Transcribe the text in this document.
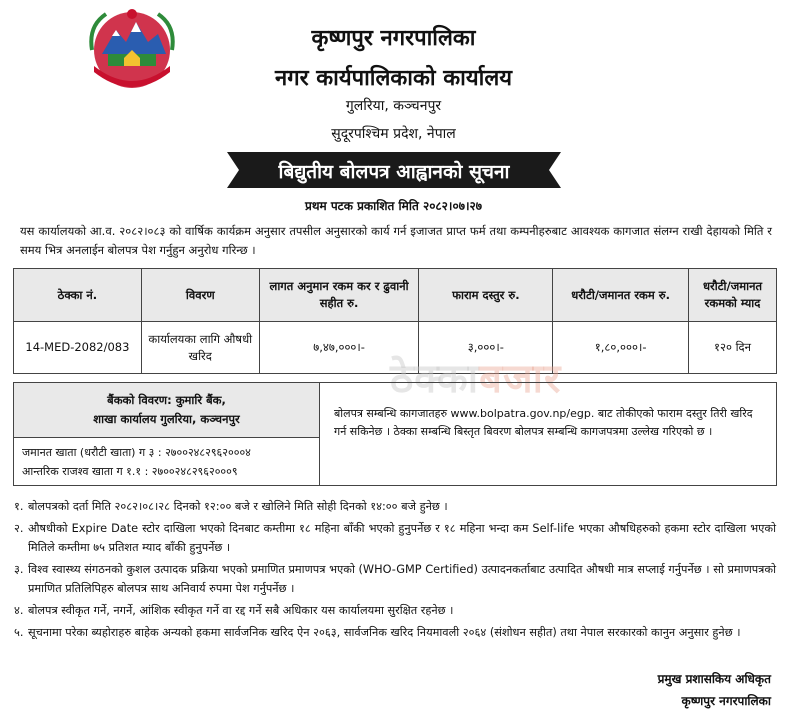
कृष्णपुर नगरपालिका
नगर कार्यपालिकाको कार्यालय
गुलरिया, कञ्चनपुर
सुदूरपश्चिम प्रदेश, नेपाल
बिद्युतीय बोलपत्र आह्वानको सूचना
प्रथम पटक प्रकाशित मिति २०८२।०७।२७
यस कार्यालयको आ.व. २०८२।०८३ को वार्षिक कार्यक्रम अनुसार तपसील अनुसारको कार्य गर्न इजाजत प्राप्त फर्म तथा कम्पनीहरुबाट आवश्यक कागजात संलग्न राखी देहायको मिति र समय भित्र अनलाईन बोलपत्र पेश गर्नुहुन अनुरोध गरिन्छ ।
ठेक्का नं.	विवरण	लागत अनुमान रकम कर र ढुवानी सहीत रु.	फाराम दस्तुर रु.	धरौटी/जमानत रकम रु.	धरौटी/जमानत रकमको म्याद
14-MED-2082/083	कार्यालयका लागि औषधी खरिद	७,४७,०००।-	३,०००।-	१,८०,०००।-	१२० दिन
ठेक्काबजार
बैंकको विवरण: कुमारि बैंक,
शाखा कार्यालय गुलरिया, कञ्चनपुर
जमानत खाता (धरौटी खाता) ग ३ : २७००२४८२९६२०००४
आन्तरिक राजश्व खाता ग १.१ : २७००२४८२९६२०००९
बोलपत्र सम्बन्धि कागजातहरु www.bolpatra.gov.np/egp. बाट तोकीएको फाराम दस्तुर तिरी खरिद गर्न सकिनेछ । ठेक्का सम्बन्धि बिस्तृत बिवरण बोलपत्र सम्बन्धि कागजपत्रमा उल्लेख गरिएको छ ।
१. बोलपत्रको दर्ता मिति २०८२।०८।२८ दिनको १२:०० बजे र खोलिने मिति सोही दिनको १४:०० बजे हुनेछ ।
२. औषधीको Expire Date स्टोर दाखिला भएको दिनबाट कम्तीमा १८ महिना बाँकी भएको हुनुपर्नेछ र १८ महिना भन्दा कम Self-life भएका औषधिहरुको हकमा स्टोर दाखिला भएको मितिले कम्तीमा ७५ प्रतिशत म्याद बाँकी हुनुपर्नेछ ।
३. विश्व स्वास्थ्य संगठनको कुशल उत्पादक प्रक्रिया भएको प्रमाणित प्रमाणपत्र भएको (WHO-GMP Certified) उत्पादनकर्ताबाट उत्पादित औषधी मात्र सप्लाई गर्नुपर्नेछ । सो प्रमाणपत्रको प्रमाणित प्रतिलिपिहरु बोलपत्र साथ अनिवार्य रुपमा पेश गर्नुपर्नेछ ।
४. बोलपत्र स्वीकृत गर्ने, नगर्ने, आंशिक स्वीकृत गर्ने वा रद्द गर्ने सबै अधिकार यस कार्यालयमा सुरक्षित रहनेछ ।
५. सूचनामा परेका ब्यहोराहरु बाहेक अन्यको हकमा सार्वजनिक खरिद ऐन २०६३, सार्वजनिक खरिद नियमावली २०६४ (संशोधन सहीत) तथा नेपाल सरकारको कानुन अनुसार हुनेछ ।
प्रमुख प्रशासकिय अधिकृत
कृष्णपुर नगरपालिका
